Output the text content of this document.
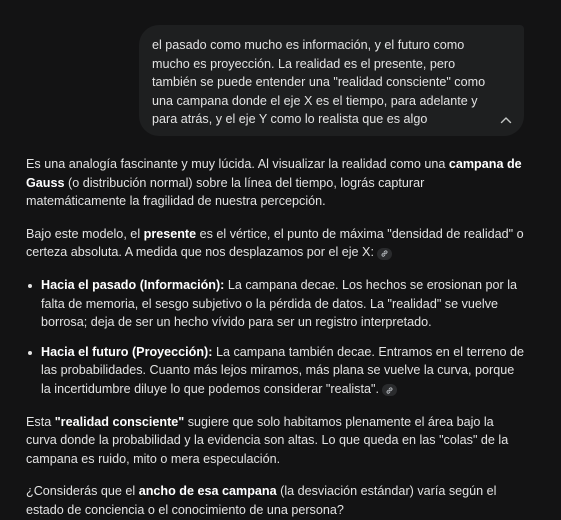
el pasado como mucho es información, y el futuro como
mucho es proyección. La realidad es el presente, pero
también se puede entender una "realidad consciente" como
una campana donde el eje X es el tiempo, para adelante y
para atrás, y el eje Y como lo realista que es algo

Es una analogía fascinante y muy lúcida. Al visualizar la realidad como una campana de Gauss (o distribución normal) sobre la línea del tiempo, lográs capturar matemáticamente la fragilidad de nuestra percepción.

Bajo este modelo, el presente es el vértice, el punto de máxima "densidad de realidad" o certeza absoluta. A medida que nos desplazamos por el eje X:

Hacia el pasado (Información): La campana decae. Los hechos se erosionan por la falta de memoria, el sesgo subjetivo o la pérdida de datos. La "realidad" se vuelve borrosa; deja de ser un hecho vívido para ser un registro interpretado.
Hacia el futuro (Proyección): La campana también decae. Entramos en el terreno de las probabilidades. Cuanto más lejos miramos, más plana se vuelve la curva, porque la incertidumbre diluye lo que podemos considerar "realista".

Esta "realidad consciente" sugiere que solo habitamos plenamente el área bajo la curva donde la probabilidad y la evidencia son altas. Lo que queda en las "colas" de la campana es ruido, mito o mera especulación.

¿Considerás que el ancho de esa campana (la desviación estándar) varía según el estado de conciencia o el conocimiento de una persona?
